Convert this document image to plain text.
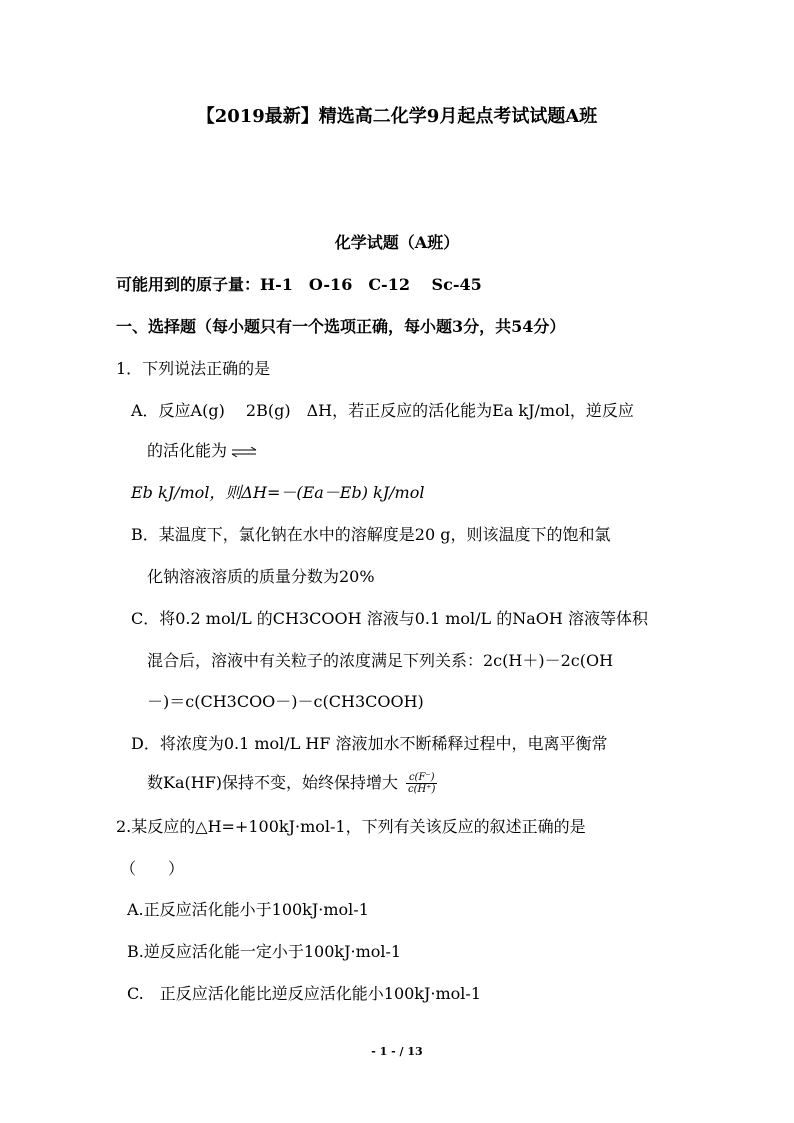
【2019最新】精选高二化学9月起点考试试题A班
化学试题（A班）
可能用到的原子量：H-1　O-16　C-12　 Sc-45
一、选择题（每小题只有一个选项正确，每小题3分，共54分）
1．下列说法正确的是
A．反应A(g)　 2B(g)　ΔH，若正反应的活化能为Ea kJ/mol，逆反应
的活化能为 ⇌
Eb kJ/mol，则ΔH=－(Ea－Eb) kJ/mol
B．某温度下，氯化钠在水中的溶解度是20 g，则该温度下的饱和氯
化钠溶液溶质的质量分数为20%
C．将0.2 mol/L 的CH3COOH 溶液与0.1 mol/L 的NaOH 溶液等体积
混合后，溶液中有关粒子的浓度满足下列关系：2c(H＋)－2c(OH
－)＝c(CH3COO－)－c(CH3COOH)
D．将浓度为0.1 mol/L HF 溶液加水不断稀释过程中，电离平衡常
数Ka(HF)保持不变，始终保持增大 $\frac{c(F^-)}{c(H^+)}$
2.某反应的△H=+100kJ·mol-1，下列有关该反应的叙述正确的是
（　　）
A.正反应活化能小于100kJ·mol-1
B.逆反应活化能一定小于100kJ·mol-1
C.　正反应活化能比逆反应活化能小100kJ·mol-1
- 1 - / 13
